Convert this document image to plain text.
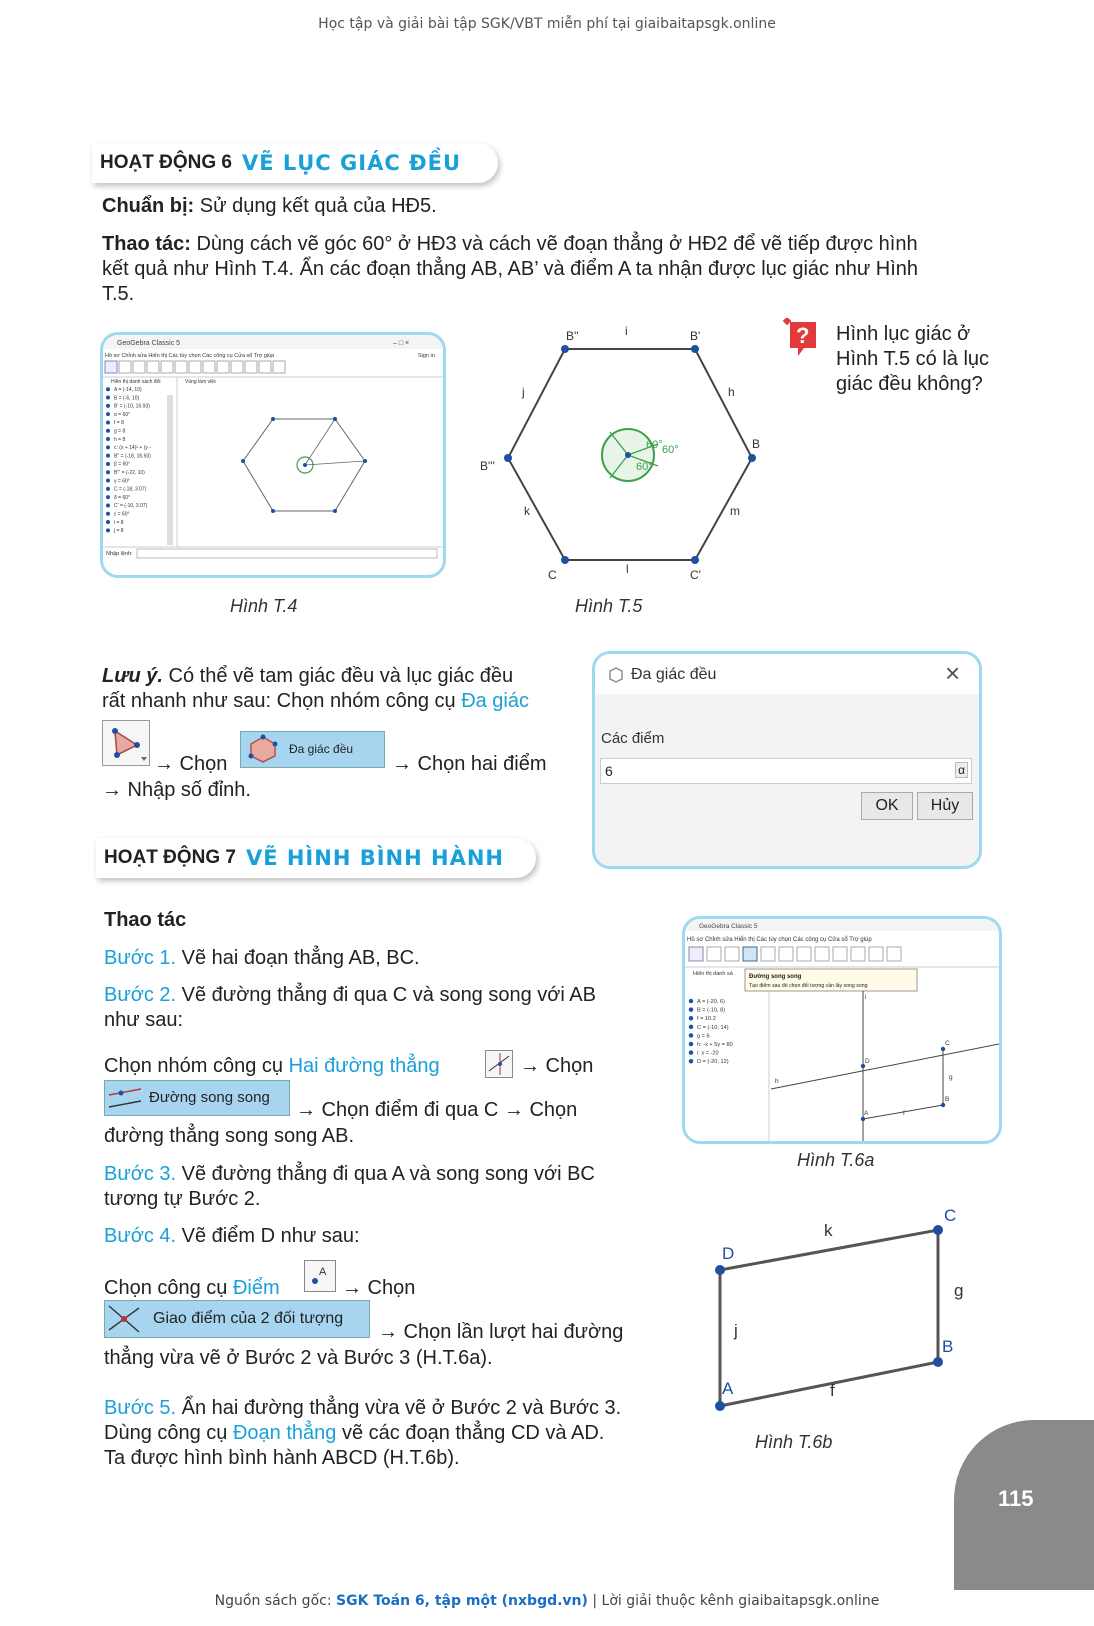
Học tập và giải bài tập SGK/VBT miễn phí tại giaibaitapsgk.online
HOẠT ĐỘNG 6 VẼ LỤC GIÁC ĐỀU
Chuẩn bị: Sử dụng kết quả của HĐ5.
Thao tác: Dùng cách vẽ góc 60° ở HĐ3 và cách vẽ đoạn thẳng ở HĐ2 để vẽ tiếp được hình
kết quả như Hình T.4. Ẩn các đoạn thẳng AB, AB’ và điểm A ta nhận được lục giác như Hình
T.5.
GeoGebra Classic 5	– □ ×
Hồ sơ Chỉnh sửa Hiển thị Các tùy chọn Các công cụ Cửa sổ Trợ giúp	Sign in
Hiển thị danh sách đối	Vùng làm việc
A = (-14, 10)
B = (-6, 10)
B' = (-10, 16.93)
α = 60°
f = 8
g = 8
h = 8
c: (x + 14)² + (y -
B'' = (-18, 16.93)
β = 60°
B''' = (-22, 10)
γ = 60°
C = (-18, 3.07)
δ = 60°
C' = (-10, 3.07)
ε = 60°
i = 8
j = 8
Nhập lệnh:
Hình T.4
60° 60°
60°
B''	i	B'
j	h
B'''
B
k	m
C	l	C'
Hình T.5
? Hình lục giác ở Hình T.5 có là lục giác đều không?
Lưu ý. Có thể vẽ tam giác đều và lục giác đều
rất nhanh như sau: Chọn nhóm công cụ Đa giác
→ Chọn
Đa giác đều
→ Chọn hai điểm
→ Nhập số đỉnh.
Đa giác đều	×
Các điểm
6	α
OK	Hủy
HOẠT ĐỘNG 7 VẼ HÌNH BÌNH HÀNH
Thao tác
Bước 1. Vẽ hai đoạn thẳng AB, BC.
Bước 2. Vẽ đường thẳng đi qua C và song song với AB
như sau:
Chọn nhóm công cụ Hai đường thẳng	→ Chọn
Đường song song
→ Chọn điểm đi qua C → Chọn
đường thẳng song song AB.
Bước 3. Vẽ đường thẳng đi qua A và song song với BC
tương tự Bước 2.
Bước 4. Vẽ điểm D như sau:
Chọn công cụ Điểm
A
→ Chọn
Giao điểm của 2 đối tượng
→ Chọn lần lượt hai đường
thẳng vừa vẽ ở Bước 2 và Bước 3 (H.T.6a).
Bước 5. Ẩn hai đường thẳng vừa vẽ ở Bước 2 và Bước 3.
Dùng công cụ Đoạn thẳng vẽ các đoạn thẳng CD và AD.
Ta được hình bình hành ABCD (H.T.6b).
GeoGebra Classic 5
Hồ sơ Chỉnh sửa Hiển thị Các tùy chọn Các công cụ Cửa sổ Trợ giúp
Hiển thị danh sá	Đường song song
Tạo điểm sau đó chọn đối tượng cần lấy song song
A = (-20, 6)
B = (-10, 8)
f = 10.2
C = (-10, 14)
g = 6
h: -x + 5y = 80
i: x = -20
D = (-20, 12)
C
D
A
B
g
h
f
i
Hình T.6a
D
C
B
A
k
g
j
f
Hình T.6b
115
Nguồn sách gốc: SGK Toán 6, tập một (nxbgd.vn) | Lời giải thuộc kênh giaibaitapsgk.online
